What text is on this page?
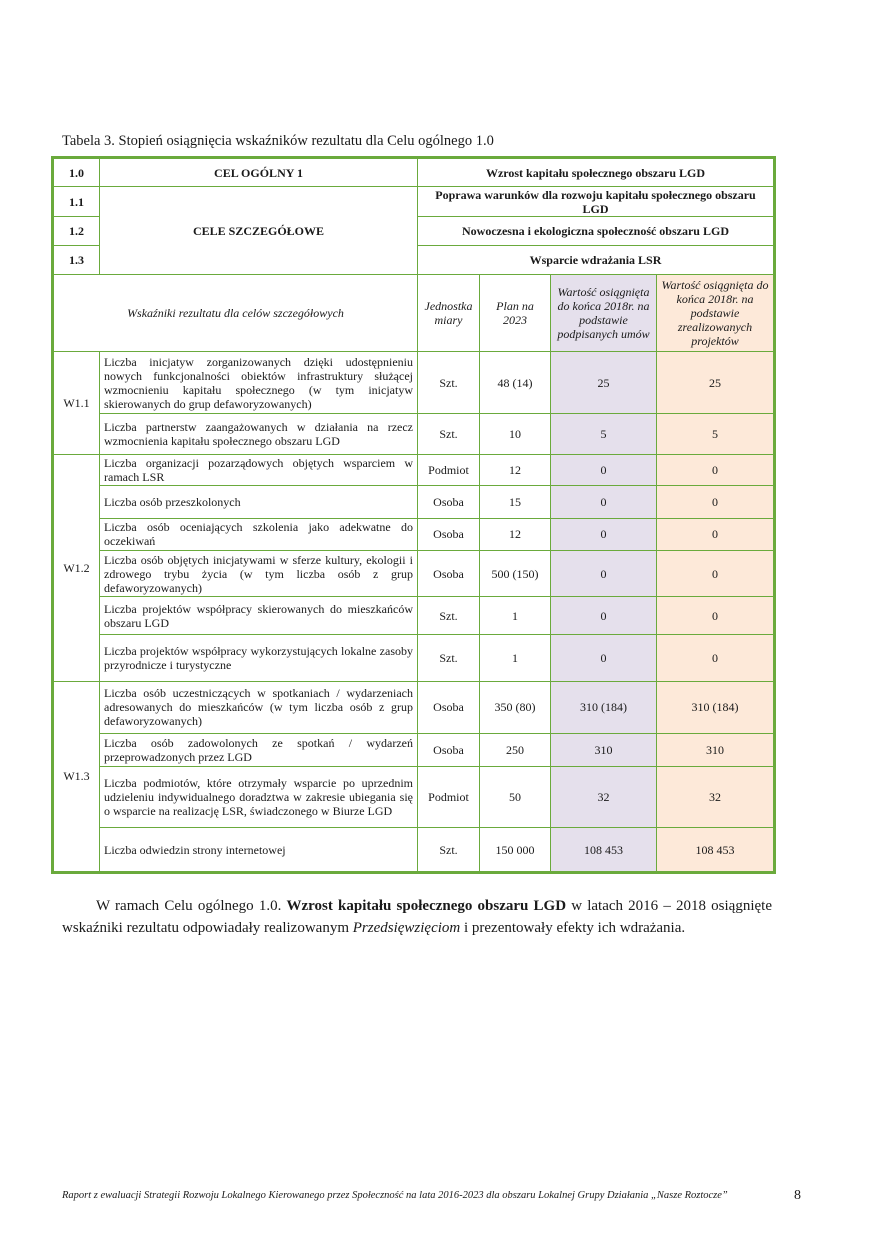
Tabela 3. Stopień osiągnięcia wskaźników rezultatu dla Celu ogólnego 1.0
1.0	CEL OGÓLNY 1	Wzrost kapitału społecznego obszaru LGD			
1.1	CELE SZCZEGÓŁOWE	Poprawa warunków dla rozwoju kapitału społecznego obszaru LGD			
1.2		Nowoczesna i ekologiczna społeczność obszaru LGD			
1.3		Wsparcie wdrażania LSR			
Wskaźniki rezultatu dla celów szczegółowych		Jednostka miary	Plan na 2023	Wartość osiągnięta do końca 2018r. na podstawie podpisanych umów	Wartość osiągnięta do końca 2018r. na podstawie zrealizowanych projektów
W1.1	Liczba inicjatyw zorganizowanych dzięki udostępnieniu nowych funkcjonalności obiektów infrastruktury służącej wzmocnieniu kapitału społecznego (w tym inicjatyw skierowanych do grup defaworyzowanych)	Szt.	48 (14)	25	25
	Liczba partnerstw zaangażowanych w działania na rzecz wzmocnienia kapitału społecznego obszaru LGD	Szt.	10	5	5
W1.2	Liczba organizacji pozarządowych objętych wsparciem w ramach LSR	Podmiot	12	0	0
	Liczba osób przeszkolonych	Osoba	15	0	0
	Liczba osób oceniających szkolenia jako adekwatne do oczekiwań	Osoba	12	0	0
	Liczba osób objętych inicjatywami w sferze kultury, ekologii i zdrowego trybu życia (w tym liczba osób z grup defaworyzowanych)	Osoba	500 (150)	0	0
	Liczba projektów współpracy skierowanych do mieszkańców obszaru LGD	Szt.	1	0	0
	Liczba projektów współpracy wykorzystujących lokalne zasoby przyrodnicze i turystyczne	Szt.	1	0	0
W1.3	Liczba osób uczestniczących w spotkaniach / wydarzeniach adresowanych do mieszkańców (w tym liczba osób z grup defaworyzowanych)	Osoba	350 (80)	310 (184)	310 (184)
	Liczba osób zadowolonych ze spotkań / wydarzeń przeprowadzonych przez LGD	Osoba	250	310	310
	Liczba podmiotów, które otrzymały wsparcie po uprzednim udzieleniu indywidualnego doradztwa w zakresie ubiegania się o wsparcie na realizację LSR, świadczonego w Biurze LGD	Podmiot	50	32	32
	Liczba odwiedzin strony internetowej	Szt.	150 000	108 453	108 453
W ramach Celu ogólnego 1.0. Wzrost kapitału społecznego obszaru LGD w latach 2016 – 2018 osiągnięte wskaźniki rezultatu odpowiadały realizowanym Przedsięwzięciom i prezentowały efekty ich wdrażania.
Raport z ewaluacji Strategii Rozwoju Lokalnego Kierowanego przez Społeczność na lata 2016-2023 dla obszaru Lokalnej Grupy Działania „Nasze Roztocze”	8
